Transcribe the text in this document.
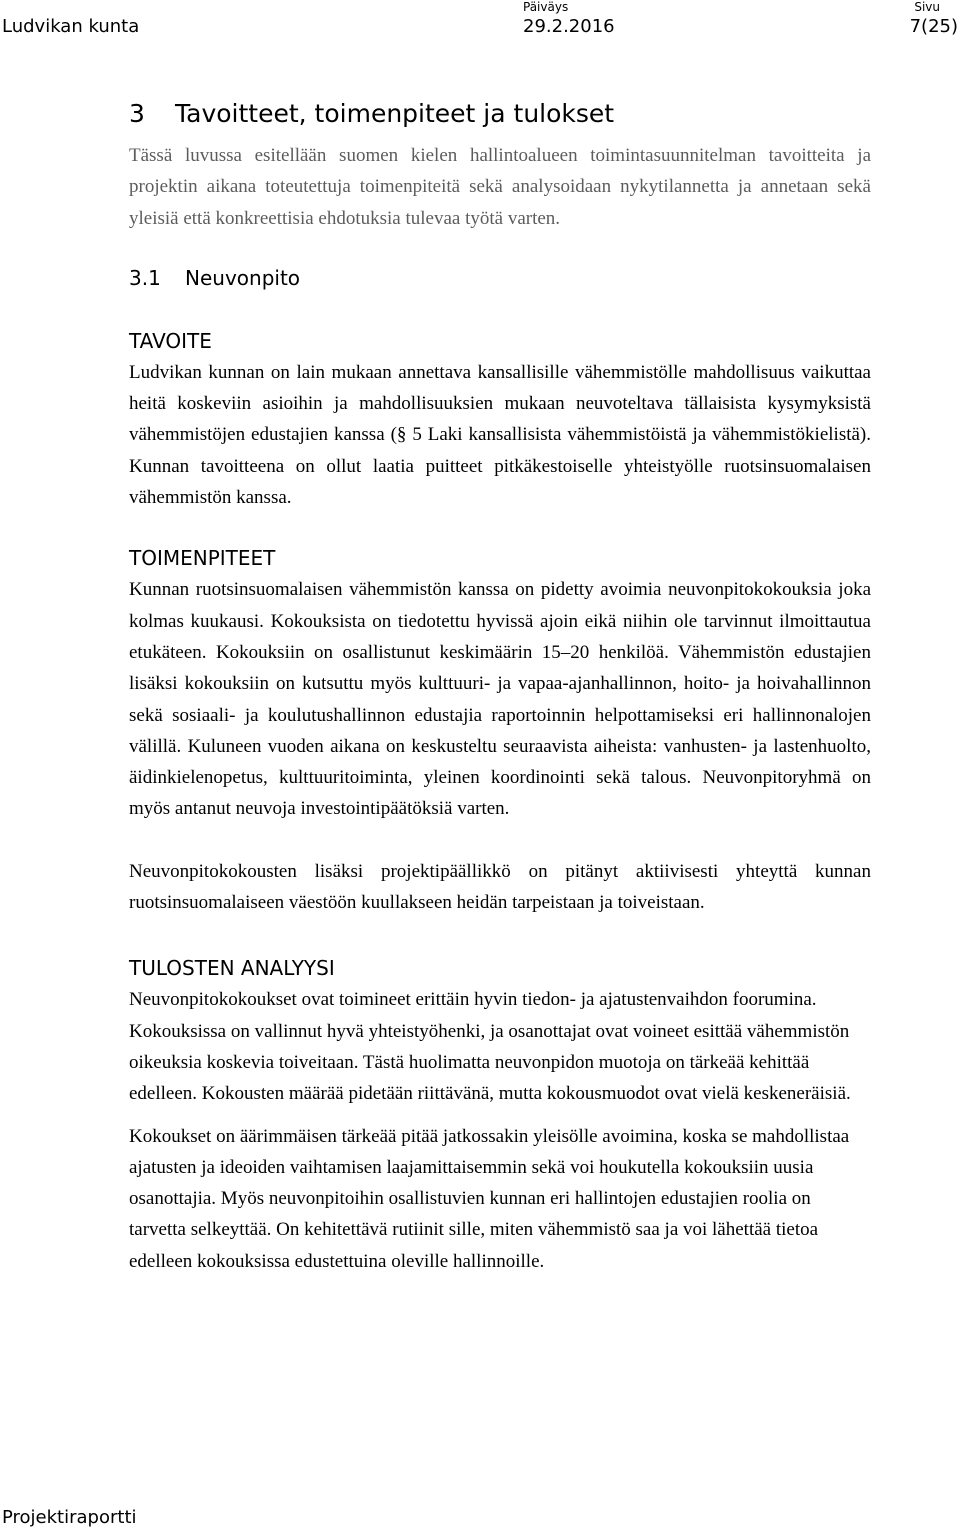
Ludvikan kunta
Päiväys
29.2.2016
Sivu
7(25)
3 Tavoitteet, toimenpiteet ja tulokset

Tässä luvussa esitellään suomen kielen hallintoalueen toimintasuunnitelman tavoitteita ja projektin aikana toteutettuja toimenpiteitä sekä analysoidaan nykytilannetta ja annetaan sekä yleisiä että konkreettisia ehdotuksia tulevaa työtä varten.

3.1 Neuvonpito
TAVOITE

Ludvikan kunnan on lain mukaan annettava kansallisille vähemmistölle mahdollisuus vaikuttaa heitä koskeviin asioihin ja mahdollisuuksien mukaan neuvoteltava tällaisista kysymyksistä vähemmistöjen edustajien kanssa (§ 5 Laki kansallisista vähemmistöistä ja vähemmistökielistä). Kunnan tavoitteena on ollut laatia puitteet pitkäkestoiselle yhteistyölle ruotsinsuomalaisen vähemmistön kanssa.

TOIMENPITEET

Kunnan ruotsinsuomalaisen vähemmistön kanssa on pidetty avoimia neuvonpitokokouksia joka kolmas kuukausi. Kokouksista on tiedotettu hyvissä ajoin eikä niihin ole tarvinnut ilmoittautua etukäteen. Kokouksiin on osallistunut keskimäärin 15–20 henkilöä. Vähemmistön edustajien lisäksi kokouksiin on kutsuttu myös kulttuuri- ja vapaa-ajanhallinnon, hoito- ja hoivahallinnon sekä sosiaali- ja koulutushallinnon edustajia raportoinnin helpottamiseksi eri hallinnonalojen välillä. Kuluneen vuoden aikana on keskusteltu seuraavista aiheista: vanhusten- ja lastenhuolto, äidinkielenopetus, kulttuuritoiminta, yleinen koordinointi sekä talous. Neuvonpitoryhmä on myös antanut neuvoja investointipäätöksiä varten.

Neuvonpitokokousten lisäksi projektipäällikkö on pitänyt aktiivisesti yhteyttä kunnan ruotsinsuomalaiseen väestöön kuullakseen heidän tarpeistaan ja toiveistaan.

TULOSTEN ANALYYSI

Neuvonpitokokoukset ovat toimineet erittäin hyvin tiedon- ja ajatustenvaihdon foorumina. Kokouksissa on vallinnut hyvä yhteistyöhenki, ja osanottajat ovat voineet esittää vähemmistön oikeuksia koskevia toiveitaan. Tästä huolimatta neuvonpidon muotoja on tärkeää kehittää edelleen. Kokousten määrää pidetään riittävänä, mutta kokousmuodot ovat vielä keskeneräisiä.

Kokoukset on äärimmäisen tärkeää pitää jatkossakin yleisölle avoimina, koska se mahdollistaa ajatusten ja ideoiden vaihtamisen laajamittaisemmin sekä voi houkutella kokouksiin uusia osanottajia. Myös neuvonpitoihin osallistuvien kunnan eri hallintojen edustajien roolia on tarvetta selkeyttää. On kehitettävä rutiinit sille, miten vähemmistö saa ja voi lähettää tietoa edelleen kokouksissa edustettuina oleville hallinnoille.

Projektiraportti
